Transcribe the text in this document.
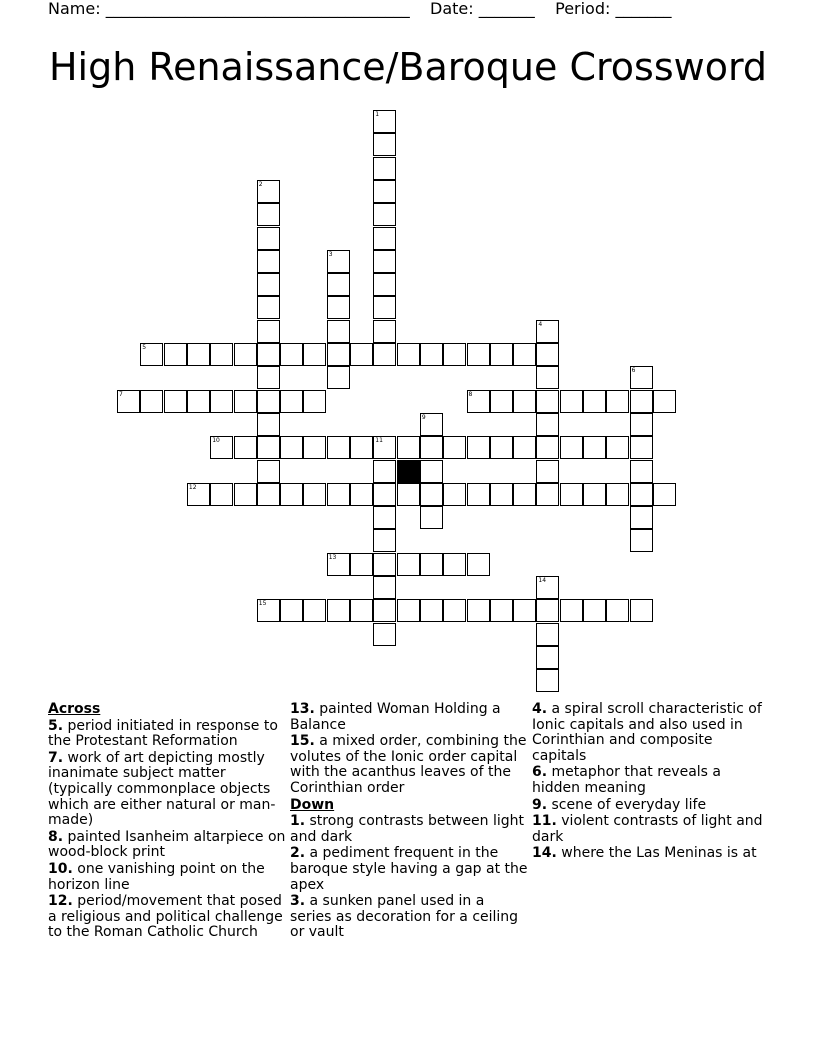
Name: ______________________________________ Date: _______ Period: _______
High Renaissance/Baroque Crossword
1
2
3
4
5
6
7	8
9
10	11
12
13
14
15
Across
5. period initiated in response to the Protestant Reformation
7. work of art depicting mostly inanimate subject matter (typically commonplace objects which are either natural or man-made)
8. painted Isanheim altarpiece on wood-block print
10. one vanishing point on the horizon line
12. period/movement that posed a religious and political challenge to the Roman Catholic Church
13. painted Woman Holding a Balance
15. a mixed order, combining the volutes of the Ionic order capital with the acanthus leaves of the Corinthian order
Down
1. strong contrasts between light and dark
2. a pediment frequent in the baroque style having a gap at the apex
3. a sunken panel used in a series as decoration for a ceiling or vault
4. a spiral scroll characteristic of Ionic capitals and also used in Corinthian and composite capitals
6. metaphor that reveals a hidden meaning
9. scene of everyday life
11. violent contrasts of light and dark
14. where the Las Meninas is at
